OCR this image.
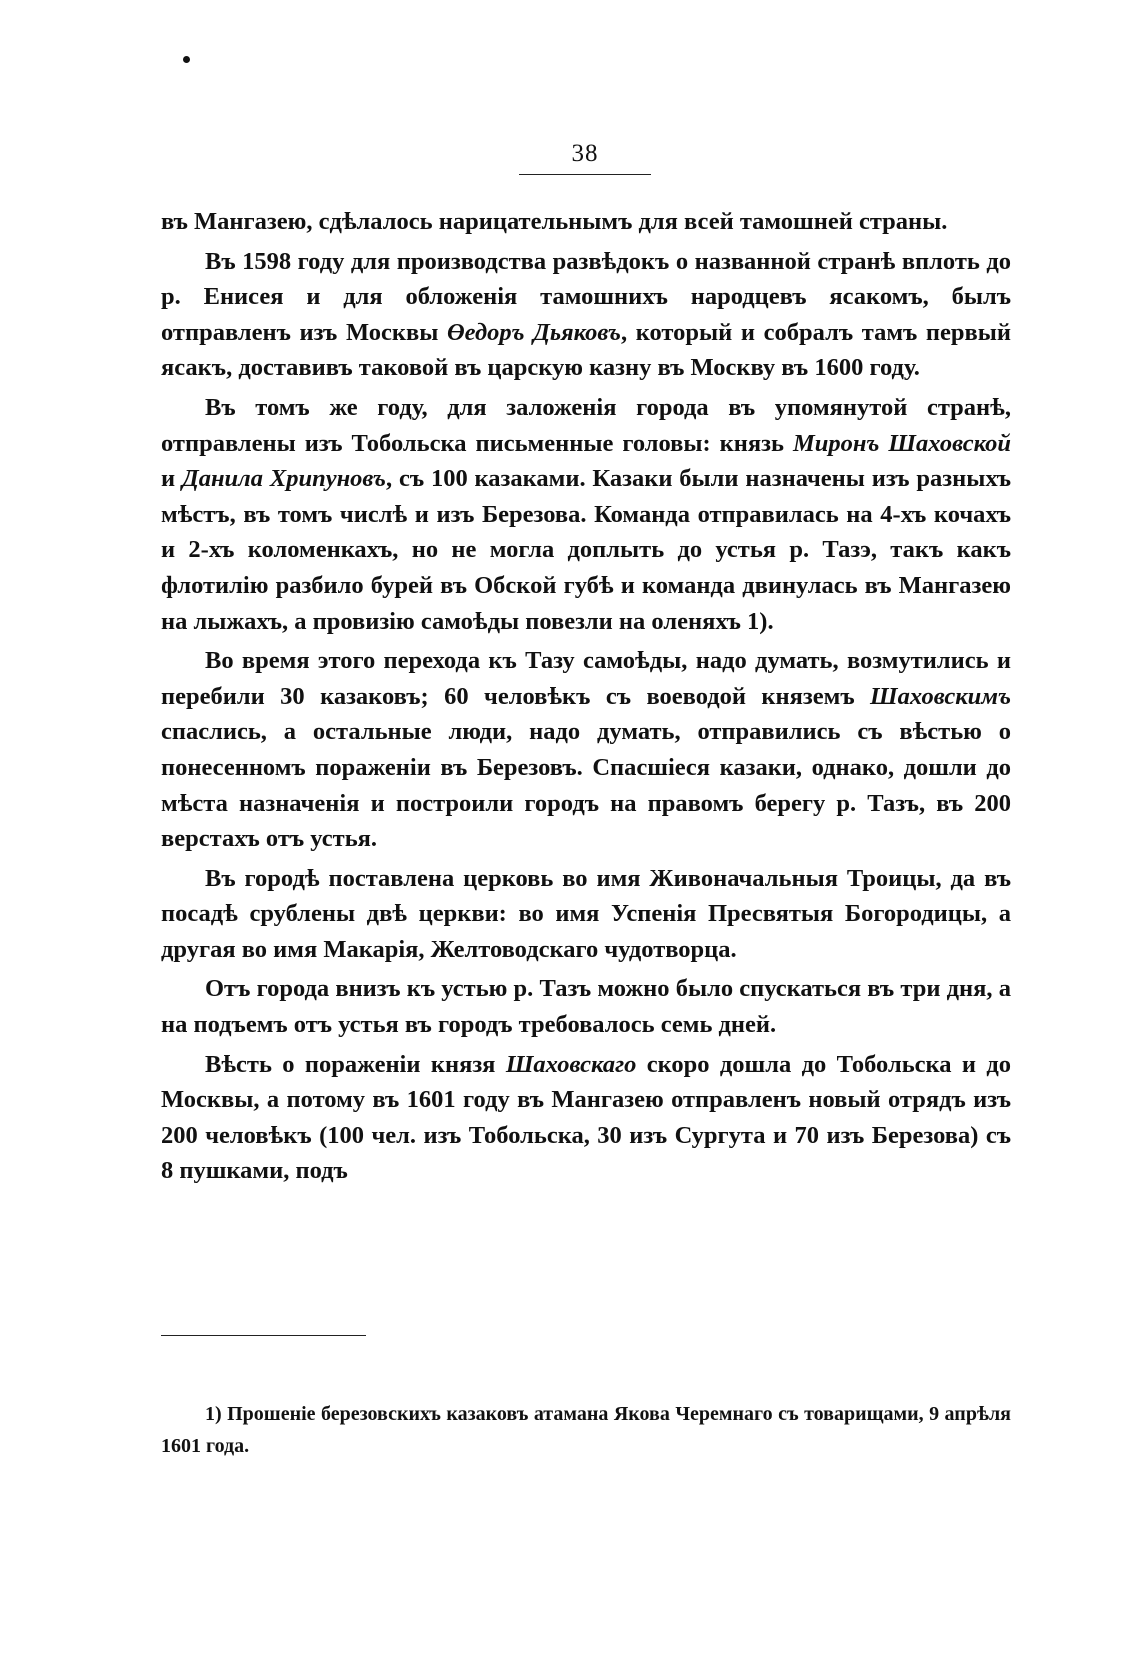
38

въ Мангазею, сдѣлалось нарицательнымъ для всей тамошней страны.

Въ 1598 году для производства развѣдокъ о названной странѣ вплоть до р. Енисея и для обложенія тамошнихъ народцевъ ясакомъ, былъ отправленъ изъ Москвы Өедоръ Дьяковъ, который и собралъ тамъ первый ясакъ, доставивъ таковой въ царскую казну въ Москву въ 1600 году.

Въ томъ же году, для заложенія города въ упомянутой странѣ, отправлены изъ Тобольска письменные головы: князь Миронъ Шаховской и Данила Хрипуновъ, съ 100 казаками. Казаки были назначены изъ разныхъ мѣстъ, въ томъ числѣ и изъ Березова. Команда отправилась на 4-хъ кочахъ и 2-хъ коломенкахъ, но не могла доплыть до устья р. Тазэ, такъ какъ флотилію разбило бурей въ Обской губѣ и команда двинулась въ Мангазею на лыжахъ, а провизію самоѣды повезли на оленяхъ 1).

Во время этого перехода къ Тазу самоѣды, надо думать, возмутились и перебили 30 казаковъ; 60 человѣкъ съ воеводой княземъ Шаховскимъ спаслись, а остальные люди, надо думать, отправились съ вѣстью о понесенномъ пораженіи въ Березовъ. Спасшіеся казаки, однако, дошли до мѣста назначенія и построили городъ на правомъ берегу р. Тазъ, въ 200 верстахъ отъ устья.

Въ городѣ поставлена церковь во имя Живоначальныя Троицы, да въ посадѣ срублены двѣ церкви: во имя Успенія Пресвятыя Богородицы, а другая во имя Макарія, Желтоводскаго чудотворца.

Отъ города внизъ къ устью р. Тазъ можно было спускаться въ три дня, а на подъемъ отъ устья въ городъ требовалось семь дней.

Вѣсть о пораженіи князя Шаховскаго скоро дошла до Тобольска и до Москвы, а потому въ 1601 году въ Мангазею отправленъ новый отрядъ изъ 200 человѣкъ (100 чел. изъ Тобольска, 30 изъ Сургута и 70 изъ Березова) съ 8 пушками, подъ

1) Прошеніе березовскихъ казаковъ атамана Якова Черемнаго съ товарищами, 9 апрѣля 1601 года.
